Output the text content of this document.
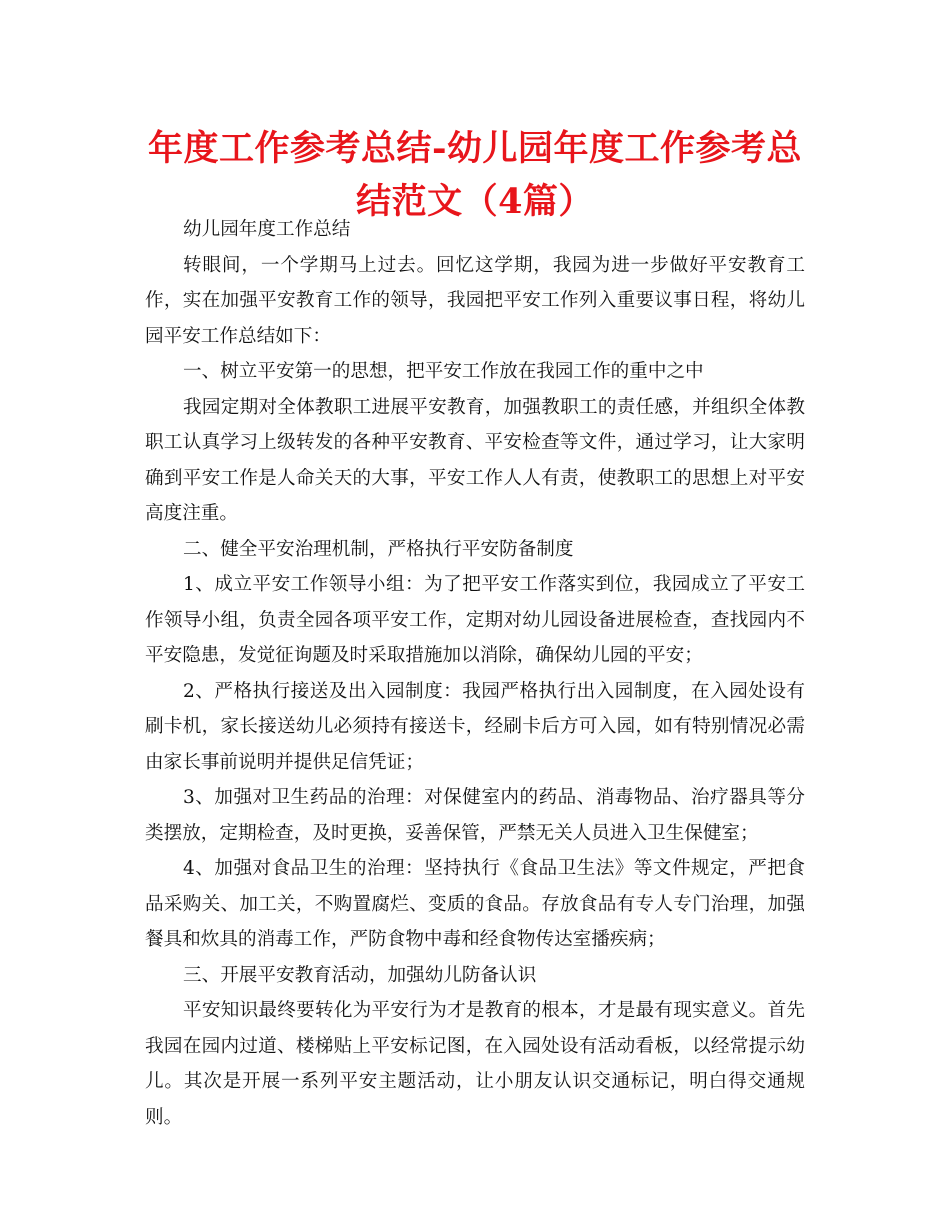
年度工作参考总结-幼儿园年度工作参考总结范文（4篇）

幼儿园年度工作总结

转眼间，一个学期马上过去。回忆这学期，我园为进一步做好平安教育工作，实在加强平安教育工作的领导，我园把平安工作列入重要议事日程，将幼儿园平安工作总结如下：

一、树立平安第一的思想，把平安工作放在我园工作的重中之中

我园定期对全体教职工进展平安教育，加强教职工的责任感，并组织全体教职工认真学习上级转发的各种平安教育、平安检查等文件，通过学习，让大家明确到平安工作是人命关天的大事，平安工作人人有责，使教职工的思想上对平安高度注重。

二、健全平安治理机制，严格执行平安防备制度

1、成立平安工作领导小组：为了把平安工作落实到位，我园成立了平安工作领导小组，负责全园各项平安工作，定期对幼儿园设备进展检查，查找园内不平安隐患，发觉征询题及时采取措施加以消除，确保幼儿园的平安；

2、严格执行接送及出入园制度：我园严格执行出入园制度，在入园处设有刷卡机，家长接送幼儿必须持有接送卡，经刷卡后方可入园，如有特别情况必需由家长事前说明并提供足信凭证；

3、加强对卫生药品的治理：对保健室内的药品、消毒物品、治疗器具等分类摆放，定期检查，及时更换，妥善保管，严禁无关人员进入卫生保健室；

4、加强对食品卫生的治理：坚持执行《食品卫生法》等文件规定，严把食品采购关、加工关，不购置腐烂、变质的食品。存放食品有专人专门治理，加强餐具和炊具的消毒工作，严防食物中毒和经食物传达室播疾病；

三、开展平安教育活动，加强幼儿防备认识

平安知识最终要转化为平安行为才是教育的根本，才是最有现实意义。首先我园在园内过道、楼梯贴上平安标记图，在入园处设有活动看板，以经常提示幼儿。其次是开展一系列平安主题活动，让小朋友认识交通标记，明白得交通规则。
